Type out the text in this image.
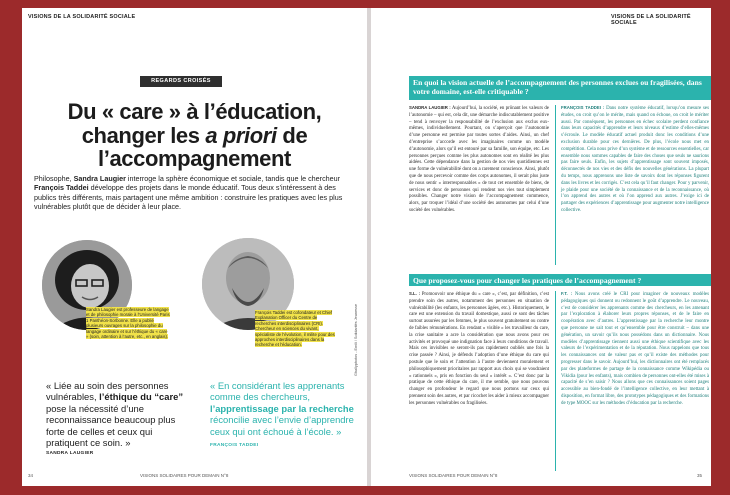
VISIONS DE LA SOLIDARITÉ SOCIALE
REGARDS CROISÉS
Du « care » à l’éducation,
changer les a priori de
l’accompagnement

Philosophe, Sandra Laugier interroge la sphère économique et sociale, tandis que le chercheur François Taddei développe des projets dans le monde éducatif. Tous deux s’intéressent à des publics très différents, mais partagent une même ambition : construire les pratiques avec les plus vulnérables plutôt que de décider à leur place.

Sandra Laugier est professeure de langage et de philosophie morale à l’Université Paris 1 Panthéon-Sorbonne. Elle a publié plusieurs ouvrages sur la philosophie du langage ordinaire et sur l’éthique du « care » (soin, attention à l’autre, etc., en anglais).
François Taddei est cofondateur et Chief Explanation Officer du Centre de recherches interdisciplinaires (CRI). Chercheur en sciences du vivant, spécialiste de l’évolution, il milite pour des approches interdisciplinaires dans la recherche et l’éducation.

« Liée au soin des personnes vulnérables, l’éthique du “care” pose la nécessité d’une reconnaissance beaucoup plus forte de celles et ceux qui pratiquent ce soin. »

SANDRA LAUGIER

« En considérant les apprenants comme des chercheurs, l’apprentissage par la recherche réconcilie avec l’envie d’apprendre ceux qui ont échoué à l’école. »

FRANÇOIS TADDEI
Ghallyphotos - Emili / Solidarités Jeunesse
34	VISIONS SOLIDAIRES POUR DEMAIN N°8
VISIONS DE LA SOLIDARITÉ SOCIALE
En quoi la vision actuelle de l’accompagnement des personnes exclues ou fragilisées, dans votre domaine, est-elle critiquable ?

SANDRA LAUGIER : Aujourd’hui, la société, en prônant les valeurs de l’autonomie – qui est, cela dit, une démarche indiscutablement positive – tend à renvoyer la responsabilité de l’exclusion aux exclus eux-mêmes, individuellement. Pourtant, on s’aperçoit que l’autonomie d’une personne est permise par toutes sortes d’aides. Ainsi, un chef d’entreprise s’accorde avec les imaginaires comme un modèle d’autonomie, alors qu’il est entouré par sa famille, son équipe, etc. Les personnes perçues comme les plus autonomes sont en réalité les plus aidées. Cette dépendance dans la gestion de nos vies quotidiennes est une forme de vulnérabilité dont on a rarement conscience. Ainsi, plutôt que de nous percevoir comme des corps autonomes, il serait plus juste de nous sentir « interresponsables » de tout cet ensemble de biens, de services et donc de personnes qui rendent nos vies tout simplement possibles. Changer notre vision de l’accompagnement commence, alors, par troquer l’idéal d’une société des autonomes par celui d’une société des vulnérables.

FRANÇOIS TADDEI : Dans notre système éducatif, lorsqu’on mesure ses études, on croit qu’on le mérite, mais quand on échoue, on croit le mériter aussi. Par conséquent, les personnes en échec scolaire perdent confiance dans leurs capacités d’apprendre et leurs niveaux d’estime d’elles-mêmes s’écroule. Le modèle éducatif actuel produit donc les conditions d’une exclusion durable pour ces dernières. De plus, l’école nous met en compétition. Cela nous prive d’un système et de ressources essentielles, car ensemble nous sommes capables de faire des choses que seuls ne saurions pas faire seuls. Enfin, les sujets d’apprentissage sont souvent imposés, déconnectés de nos vies et des défis des nouvelles générations. La plupart du temps, nous apprenons une liste de savoirs dont les réponses figurent dans les livres et les corrigés. C’est cela qu’il faut changer. Pour y parvenir, je plaide pour une société de la connaissance et de la reconnaissance, où l’on apprend des autres et où l’on apprend aux autres. J’exige ici de partager des expériences d’apprentissage pour augmenter notre intelligence collective.

Que proposez-vous pour changer les pratiques de l’accompagnement ?

S.L. : Promouvoir une éthique du « care », c’est, par définition, c’est prendre soin des autres, notamment des personnes en situation de vulnérabilité (les enfants, les personnes âgées, etc.). Historiquement, le care est une extension du travail domestique, aussi ce sont des tâches surtout assurées par les femmes, le plus souvent gratuitement ou contre de faibles rémunérations. En rendant « visible » les travailleur du care, la crise sanitaire a acre la considération que nous avons pour ces activités et provoqué une indignation face à leurs conditions de travail. Mais ces invisibles se seront-ils pas rapidement oubliés une fois la crise passée ? Ainsi, je défends l’adoption d’une éthique du care qui postule que le soin et l’attention à l’autre deviennent moralement et philosophiquement prioritaires par rapport aux choix qui se voudraient « rationnels », pris en fonction du seul « intérêt ». C’est donc par la pratique de cette éthique du care, il me semble, que nous pouvons changer en profondeur le regard que nous portons sur ceux qui prennent soin des autres, et par ricochet les aider à mieux accompagner les personnes vulnérables ou fragilisées.

F.T. : Nous avons créé le CRI pour imaginer de nouveaux modèles pédagogiques qui donnent ou redonnent le goût d’apprendre. Le nouveau, c’est de considérer les apprenants comme des chercheurs, en les amenant par l’exploration à élaborer leurs propres réponses, et de le faire en coopération avec d’autres. L’apprentissage par la recherche leur montre que personne ne sait tout et qu’ensemble pour être construit – dans une génération, un savoir qu’ils nous possédons dans un dictionnaire. Nous modèles d’apprentissage tiennent aussi une éthique scientifique avec les valeurs de l’expérimentation et de la réputation. Nous rappelons que tous les connaissances ont de valeur pas et qu’il existe des méthodes pour progresser dans le savoir. Aujourd’hui, les dictionnaires ont été remplacés par des plateformes de partage de la connaissance comme Wikipédia ou Vikidia (pour les enfants), mais combien de personnes ont-elles été mises à capacité de s’en saisir ? Nous allons que ces connaissances soient pages accessible au bien-fondé de l’intelligence collective, en leur mettant à disposition, en format libre, des prototypes pédagogiques et des formations de type MOOC sur les méthodes d’éducation par la recherche.

VISIONS SOLIDAIRES POUR DEMAIN N°8	35
